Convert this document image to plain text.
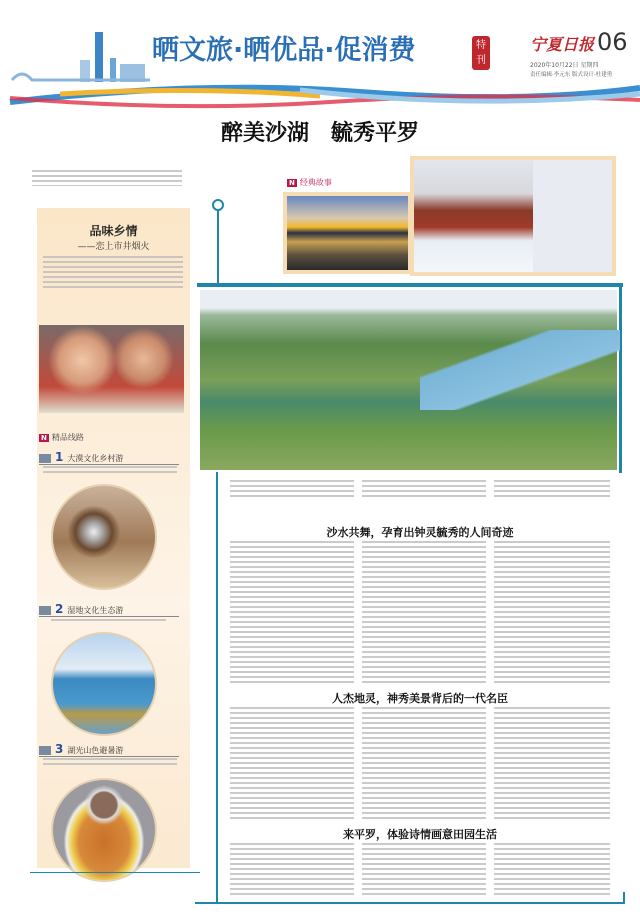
晒文旅·晒优品·促消费	特刊
宁夏日报 06
2020年10月22日 星期四
责任编辑·李元东 版式设计·杜建勇
醉美沙湖　毓秀平罗
品味乡情
——恋上市井烟火
N 精品线路
线路 1 大漠文化乡村游
线路 2 湿地文化生态游
线路 3 湖光山色避暑游
N 经典故事
沙水共舞，孕育出钟灵毓秀的人间奇迹
人杰地灵，神秀美景背后的一代名臣
来平罗，体验诗情画意田园生活
